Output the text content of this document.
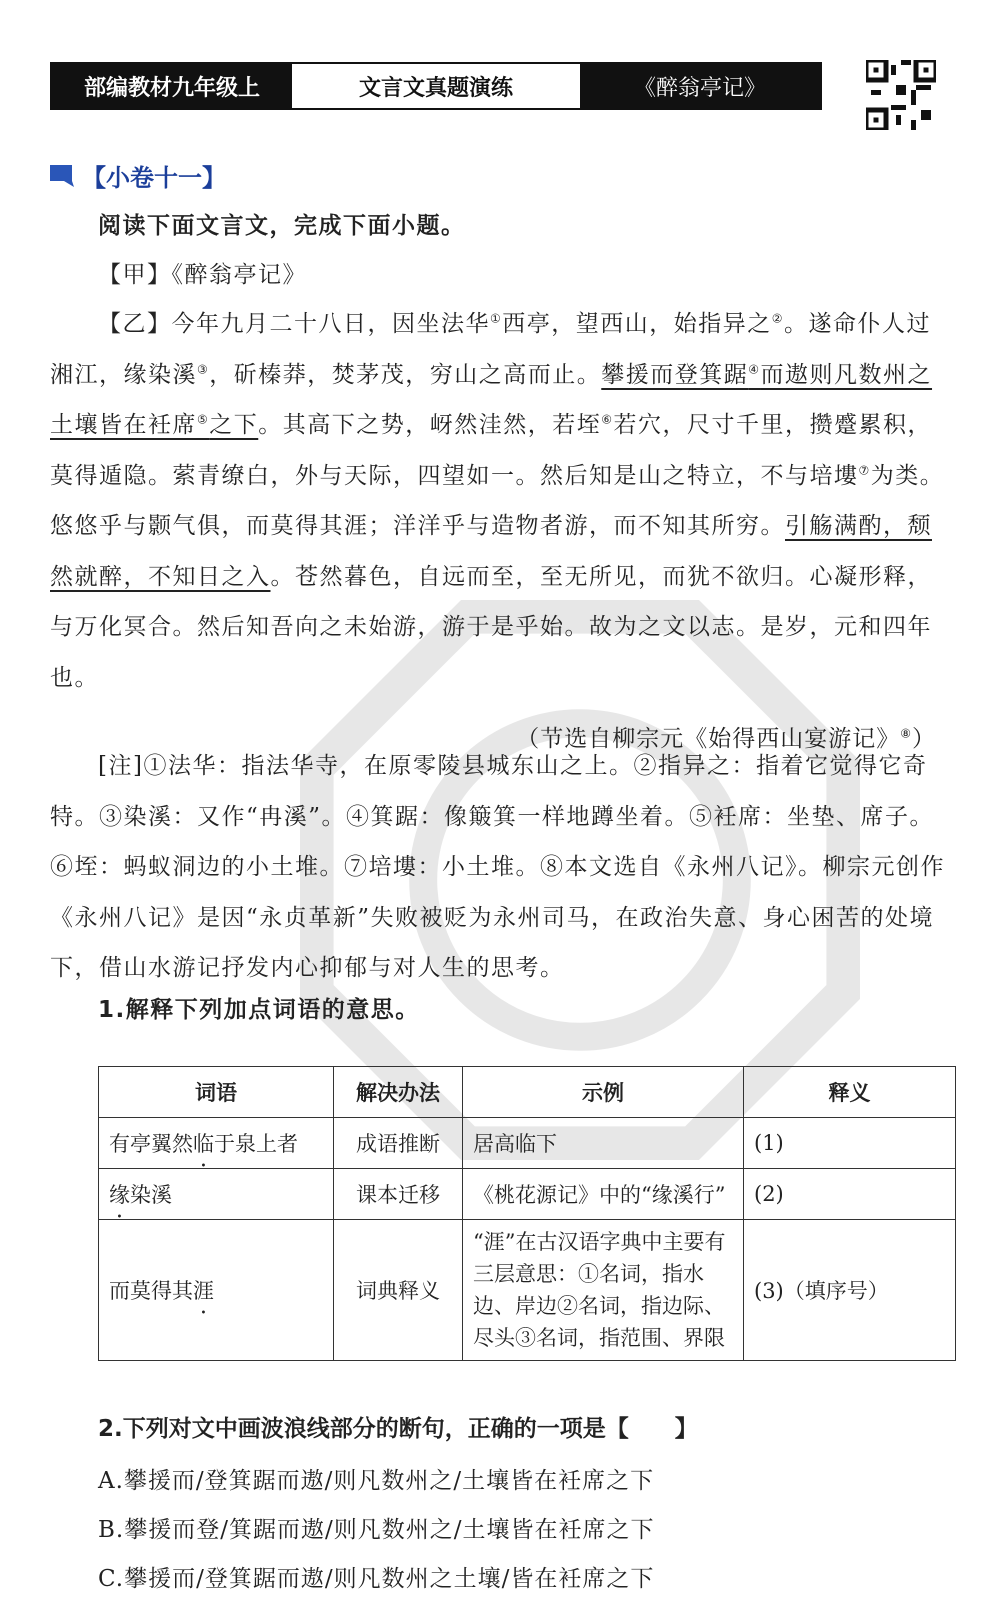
部编教材九年级上	文言文真题演练	《醉翁亭记》
【小卷十一】
阅读下面文言文，完成下面小题。
【甲】《醉翁亭记》
【乙】今年九月二十八日，因坐法华①西亭，望西山，始指异之②。遂命仆人过湘江，缘染溪③，斫榛莽，焚茅茂，穷山之高而止。攀援而登箕踞④而遨则凡数州之土壤皆在衽席⑤之下。其高下之势，岈然洼然，若垤⑥若穴，尺寸千里，攒蹙累积，莫得遁隐。萦青缭白，外与天际，四望如一。然后知是山之特立，不与培塿⑦为类。悠悠乎与颢气俱，而莫得其涯；洋洋乎与造物者游，而不知其所穷。引觞满酌，颓然就醉，不知日之入。苍然暮色，自远而至，至无所见，而犹不欲归。心凝形释，与万化冥合。然后知吾向之未始游，游于是乎始。故为之文以志。是岁，元和四年也。
（节选自柳宗元《始得西山宴游记》⑧）
[注]①法华：指法华寺，在原零陵县城东山之上。②指异之：指着它觉得它奇特。③染溪：又作“冉溪”。④箕踞：像簸箕一样地蹲坐着。⑤衽席：坐垫、席子。⑥垤：蚂蚁洞边的小土堆。⑦培塿：小土堆。⑧本文选自《永州八记》。柳宗元创作《永州八记》是因“永贞革新”失败被贬为永州司马，在政治失意、身心困苦的处境下，借山水游记抒发内心抑郁与对人生的思考。
1.解释下列加点词语的意思。
词语	解决办法	示例	释义
有亭翼然临于泉上者	成语推断	居高临下	(1)
缘染溪	课本迁移	《桃花源记》中的“缘溪行”	(2)
而莫得其涯	词典释义	“涯”在古汉语字典中主要有三层意思：①名词，指水边、岸边②名词，指边际、尽头③名词，指范围、界限	(3)（填序号）
2.下列对文中画波浪线部分的断句，正确的一项是【　　】
A.攀援而/登箕踞而遨/则凡数州之/土壤皆在衽席之下
B.攀援而登/箕踞而遨/则凡数州之/土壤皆在衽席之下
C.攀援而/登箕踞而遨/则凡数州之土壤/皆在衽席之下
